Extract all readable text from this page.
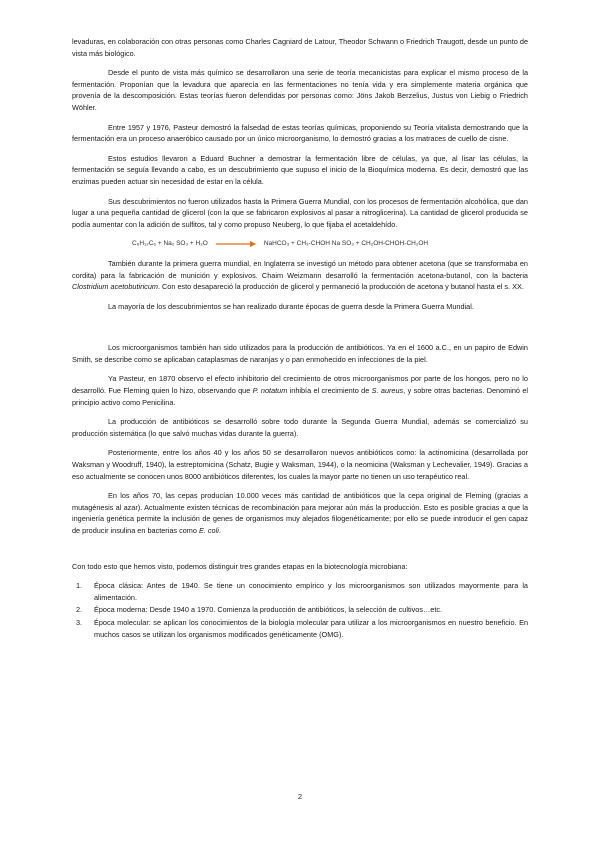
levaduras, en colaboración con otras personas como Charles Cagniard de Latour, Theodor Schwann o Friedrich Traugott, desde un punto de vista más biológico.

Desde el punto de vista más químico se desarrollaron una serie de teoría mecanicistas para explicar el mismo proceso de la fermentación. Proponían que la levadura que aparecía en las fermentaciones no tenía vida y era simplemente materia orgánica que provenía de la descomposición. Estas teorías fueron defendidas por personas como: Jöns Jakob Berzelius, Justus von Liebig o Friedrich Wöhler.

Entre 1957 y 1976, Pasteur demostró la falsedad de estas teorías químicas, proponiendo su Teoría vitalista demostrando que la fermentación era un proceso anaeróbico causado por un único microorganismo, lo demostró gracias a los matraces de cuello de cisne.

Estos estudios llevaron a Eduard Buchner a demostrar la fermentación libre de células, ya que, al lisar las células, la fermentación se seguía llevando a cabo, es un descubrimiento que supuso el inicio de la Bioquímica moderna. Es decir, demostró que las enzimas pueden actuar sin necesidad de estar en la célula.

Sus descubrimientos no fueron utilizados hasta la Primera Guerra Mundial, con los procesos de fermentación alcohólica, que dan lugar a una pequeña cantidad de glicerol (con la que se fabricaron explosivos al pasar a nitroglicerina). La cantidad de glicerol producida se podía aumentar con la adición de sulfitos, tal y como propuso Neuberg, lo que fijaba el acetaldehído.

C₆H₁₂C₆ + Na₂ SO₃ + H₂O	NaHCO₃ + CH₃-CHOH Na SO₃ + CH₂OH-CHOH-CH₂OH

También durante la primera guerra mundial, en Inglaterra se investigó un método para obtener acetona (que se transformaba en cordita) para la fabricación de munición y explosivos. Chaim Weizmann desarrolló la fermentación acetona-butanol, con la bacteria Clostridium acetobutiricum. Con esto desapareció la producción de glicerol y permaneció la producción de acetona y butanol hasta el s. XX.

La mayoría de los descubrimientos se han realizado durante épocas de guerra desde la Primera Guerra Mundial.

Los microorganismos también han sido utilizados para la producción de antibióticos. Ya en el 1600 a.C., en un papiro de Edwin Smith, se describe como se aplicaban cataplasmas de naranjas y o pan enmohecido en infecciones de la piel.

Ya Pasteur, en 1870 observo el efecto inhibitorio del crecimiento de otros microorganismos por parte de los hongos, pero no lo desarrolló. Fue Fleming quien lo hizo, observando que P. notatum inhibía el crecimiento de S. aureus, y sobre otras bacterias. Denominó el principio activo como Penicilina.

La producción de antibióticos se desarrolló sobre todo durante la Segunda Guerra Mundial, además se comercializó su producción sistemática (lo que salvó muchas vidas durante la guerra).

Posteriormente, entre los años 40 y los años 50 se desarrollaron nuevos antibióticos como: la actinomicina (desarrollada por Waksman y Woodruff, 1940), la estreptomicina (Schatz, Bugie y Waksman, 1944), o la neomicina (Waksman y Lechevalier, 1949). Gracias a eso actualmente se conocen unos 8000 antibióticos diferentes, los cuales la mayor parte no tienen un uso terapéutico real.

En los años 70, las cepas producían 10.000 veces más cantidad de antibióticos que la cepa original de Fleming (gracias a mutagénesis al azar). Actualmente existen técnicas de recombinación para mejorar aún más la producción. Esto es posible gracias a que la ingeniería genética permite la inclusión de genes de organismos muy alejados filogenéticamente; por ello se puede introducir el gen capaz de producir insulina en bacterias como E. coli.

Con todo esto que hemos visto, podemos distinguir tres grandes etapas en la biotecnología microbiana:

1. Época clásica: Antes de 1940. Se tiene un conocimiento empírico y los microorganismos son utilizados mayormente para la alimentación.
2. Época moderna: Desde 1940 a 1970. Comienza la producción de antibióticos, la selección de cultivos…etc.
3. Época molecular: se aplican los conocimientos de la biología molecular para utilizar a los microorganismos en nuestro beneficio. En muchos casos se utilizan los organismos modificados genéticamente (OMG).
2
